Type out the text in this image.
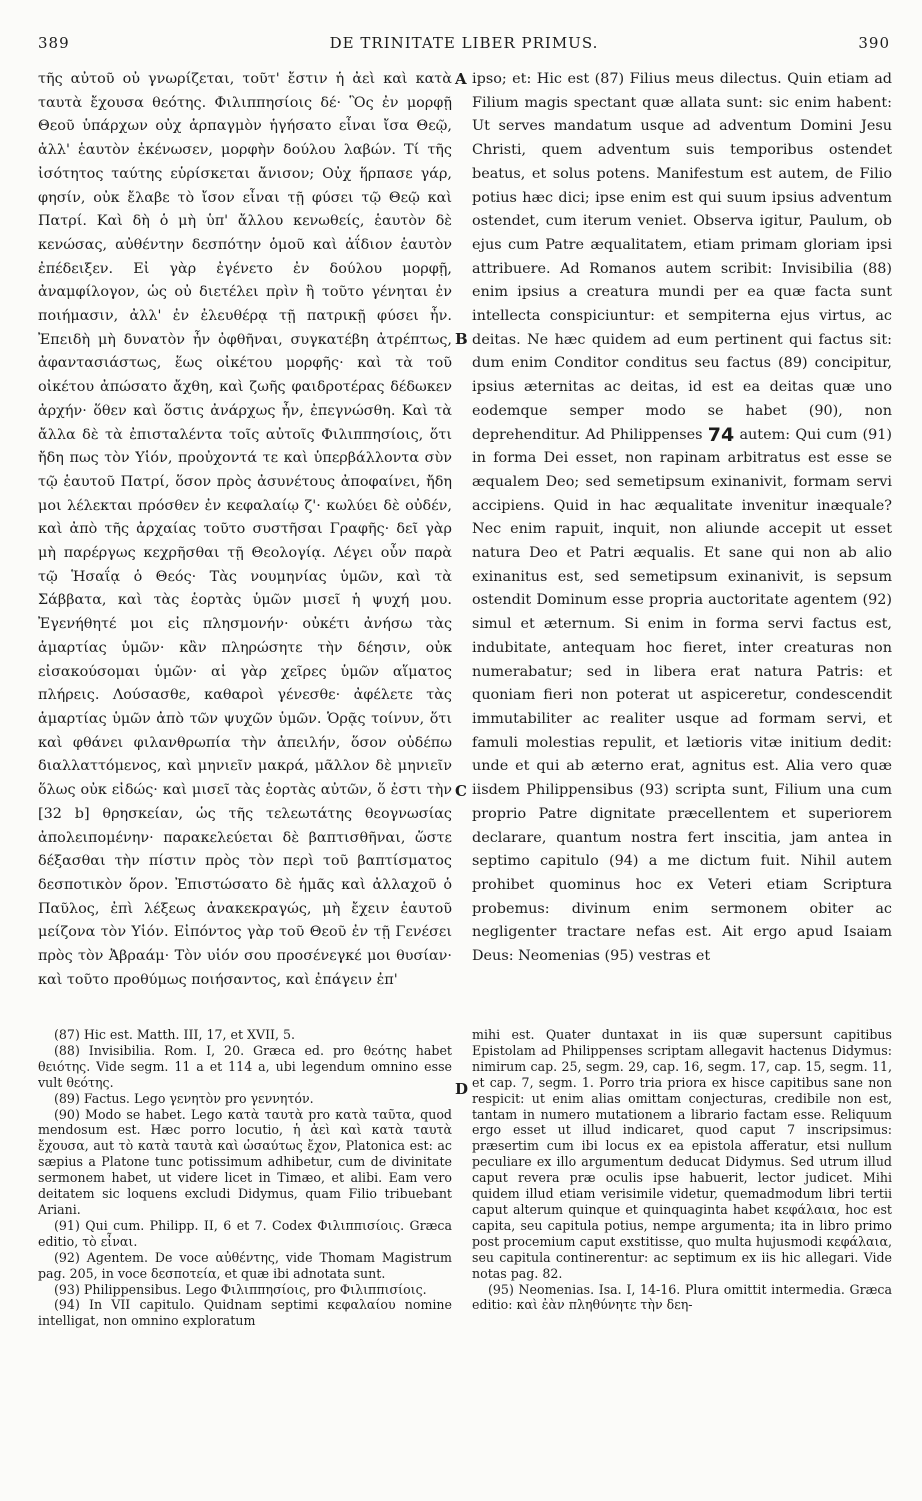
389	DE TRINITATE LIBER PRIMUS.	390

τῆς αὐτοῦ οὐ γνωρίζεται, τοῦτ' ἔστιν ἡ ἀεὶ καὶ κατὰ ταυτὰ ἔχουσα θεότης. Φιλιππησίοις δέ· Ὃς ἐν μορφῇ Θεοῦ ὑπάρχων οὐχ ἁρπαγμὸν ἡγήσατο εἶναι ἴσα Θεῷ, ἀλλ' ἑαυτὸν ἐκένωσεν, μορφὴν δούλου λαβών. Τί τῆς ἰσότητος ταύτης εὑρίσκεται ἄνισον; Οὐχ ἥρπασε γάρ, φησίν, οὐκ ἔλαβε τὸ ἴσον εἶναι τῇ φύσει τῷ Θεῷ καὶ Πατρί. Καὶ δὴ ὁ μὴ ὑπ' ἄλλου κενωθείς, ἑαυτὸν δὲ κενώσας, αὐθέντην δεσπότην ὁμοῦ καὶ ἀΐδιον ἑαυτὸν ἐπέδειξεν. Εἰ γὰρ ἐγένετο ἐν δούλου μορφῇ, ἀναμφίλογον, ὡς οὐ διετέλει πρὶν ἢ τοῦτο γένηται ἐν ποιήμασιν, ἀλλ' ἐν ἐλευθέρᾳ τῇ πατρικῇ φύσει ἦν. Ἐπειδὴ μὴ δυνατὸν ἦν ὀφθῆναι, συγκατέβη ἀτρέπτως, ἀφαντασιάστως, ἕως οἰκέτου μορφῆς· καὶ τὰ τοῦ οἰκέτου ἀπώσατο ἄχθη, καὶ ζωῆς φαιδροτέρας δέδωκεν ἀρχήν· ὅθεν καὶ ὅστις ἀνάρχως ἦν, ἐπεγνώσθη. Καὶ τὰ ἄλλα δὲ τὰ ἐπισταλέντα τοῖς αὐτοῖς Φιλιππησίοις, ὅτι ἤδη πως τὸν Υἱόν, προὐχοντά τε καὶ ὑπερβάλλοντα σὺν τῷ ἑαυτοῦ Πατρί, ὅσον πρὸς ἀσυνέτους ἀποφαίνει, ἤδη μοι λέλεκται πρόσθεν ἐν κεφαλαίῳ ζ'· κωλύει δὲ οὐδέν, καὶ ἀπὸ τῆς ἀρχαίας τοῦτο συστῆσαι Γραφῆς· δεῖ γὰρ μὴ παρέργως κεχρῆσθαι τῇ Θεολογίᾳ. Λέγει οὖν παρὰ τῷ Ἡσαΐᾳ ὁ Θεός· Τὰς νουμηνίας ὑμῶν, καὶ τὰ Σάββατα, καὶ τὰς ἑορτὰς ὑμῶν μισεῖ ἡ ψυχή μου. Ἐγενήθητέ μοι εἰς πλησμονήν· οὐκέτι ἀνήσω τὰς ἁμαρτίας ὑμῶν· κἂν πληρώσητε τὴν δέησιν, οὐκ εἰσακούσομαι ὑμῶν· αἱ γὰρ χεῖρες ὑμῶν αἵματος πλήρεις. Λούσασθε, καθαροὶ γένεσθε· ἀφέλετε τὰς ἁμαρτίας ὑμῶν ἀπὸ τῶν ψυχῶν ὑμῶν. Ὁρᾷς τοίνυν, ὅτι καὶ φθάνει φιλανθρωπία τὴν ἀπειλήν, ὅσον οὐδέπω διαλλαττόμενος, καὶ μηνιεῖν μακρά, μᾶλλον δὲ μηνιεῖν ὅλως οὐκ εἰδώς· καὶ μισεῖ τὰς ἑορτὰς αὐτῶν, ὅ ἐστι τὴν [32 b] θρησκείαν, ὡς τῆς τελεωτάτης θεογνωσίας ἀπολειπομένην· παρακελεύεται δὲ βαπτισθῆναι, ὥστε δέξασθαι τὴν πίστιν πρὸς τὸν περὶ τοῦ βαπτίσματος δεσποτικὸν ὅρον. Ἐπιστώσατο δὲ ἡμᾶς καὶ ἀλλαχοῦ ὁ Παῦλος, ἐπὶ λέξεως ἀνακεκραγώς, μὴ ἔχειν ἑαυτοῦ μείζονα τὸν Υἱόν. Εἰπόντος γὰρ τοῦ Θεοῦ ἐν τῇ Γενέσει πρὸς τὸν Ἀβραάμ· Τὸν υἱόν σου προσένεγκέ μοι θυσίαν· καὶ τοῦτο προθύμως ποιήσαντος, καὶ ἐπάγειν ἐπ'

A
B
C
D

ipso; et: Hic est (87) Filius meus dilectus. Quin etiam ad Filium magis spectant quæ allata sunt: sic enim habent: Ut serves mandatum usque ad adventum Domini Jesu Christi, quem adventum suis temporibus ostendet beatus, et solus potens. Manifestum est autem, de Filio potius hæc dici; ipse enim est qui suum ipsius adventum ostendet, cum iterum veniet. Observa igitur, Paulum, ob ejus cum Patre æqualitatem, etiam primam gloriam ipsi attribuere. Ad Romanos autem scribit: Invisibilia (88) enim ipsius a creatura mundi per ea quæ facta sunt intellecta conspiciuntur: et sempiterna ejus virtus, ac deitas. Ne hæc quidem ad eum pertinent qui factus sit: dum enim Conditor conditus seu factus (89) concipitur, ipsius æternitas ac deitas, id est ea deitas quæ uno eodemque semper modo se habet (90), non deprehenditur. Ad Philippenses 74 autem: Qui cum (91) in forma Dei esset, non rapinam arbitratus est esse se æqualem Deo; sed semetipsum exinanivit, formam servi accipiens. Quid in hac æqualitate invenitur inæquale? Nec enim rapuit, inquit, non aliunde accepit ut esset natura Deo et Patri æqualis. Et sane qui non ab alio exinanitus est, sed semetipsum exinanivit, is sepsum ostendit Dominum esse propria auctoritate agentem (92) simul et æternum. Si enim in forma servi factus est, indubitate, antequam hoc fieret, inter creaturas non numerabatur; sed in libera erat natura Patris: et quoniam fieri non poterat ut aspiceretur, condescendit immutabiliter ac realiter usque ad formam servi, et famuli molestias repulit, et lætioris vitæ initium dedit: unde et qui ab æterno erat, agnitus est. Alia vero quæ iisdem Philippensibus (93) scripta sunt, Filium una cum proprio Patre dignitate præcellentem et superiorem declarare, quantum nostra fert inscitia, jam antea in septimo capitulo (94) a me dictum fuit. Nihil autem prohibet quominus hoc ex Veteri etiam Scriptura probemus: divinum enim sermonem obiter ac negligenter tractare nefas est. Ait ergo apud Isaiam Deus: Neomenias (95) vestras et

(87) Hic est. Matth. III, 17, et XVII, 5.

(88) Invisibilia. Rom. I, 20. Græca ed. pro θεότης habet θειότης. Vide segm. 11 a et 114 a, ubi legendum omnino esse vult θεότης.

(89) Factus. Lego γενητὸν pro γεννητόν.

(90) Modo se habet. Lego κατὰ ταυτὰ pro κατὰ ταῦτα, quod mendosum est. Hæc porro locutio, ἡ ἀεὶ καὶ κατὰ ταυτὰ ἔχουσα, aut τὸ κατὰ ταυτὰ καὶ ὡσαύτως ἔχον, Platonica est: ac sæpius a Platone tunc potissimum adhibetur, cum de divinitate sermonem habet, ut videre licet in Timæo, et alibi. Eam vero deitatem sic loquens excludi Didymus, quam Filio tribuebant Ariani.

(91) Qui cum. Philipp. II, 6 et 7. Codex Φιλιππισίοις. Græca editio, τὸ εἶναι.

(92) Agentem. De voce αὐθέντης, vide Thomam Magistrum pag. 205, in voce δεσποτεία, et quæ ibi adnotata sunt.

(93) Philippensibus. Lego Φιλιππησίοις, pro Φιλιππισίοις.

(94) In VII capitulo. Quidnam septimi κεφαλαίου nomine intelligat, non omnino exploratum

mihi est. Quater duntaxat in iis quæ supersunt capitibus Epistolam ad Philippenses scriptam allegavit hactenus Didymus: nimirum cap. 25, segm. 29, cap. 16, segm. 17, cap. 15, segm. 11, et cap. 7, segm. 1. Porro tria priora ex hisce capitibus sane non respicit: ut enim alias omittam conjecturas, credibile non est, tantam in numero mutationem a librario factam esse. Reliquum ergo esset ut illud indicaret, quod caput 7 inscripsimus: præsertim cum ibi locus ex ea epistola afferatur, etsi nullum peculiare ex illo argumentum deducat Didymus. Sed utrum illud caput revera præ oculis ipse habuerit, lector judicet. Mihi quidem illud etiam verisimile videtur, quemadmodum libri tertii caput alterum quinque et quinquaginta habet κεφάλαια, hoc est capita, seu capitula potius, nempe argumenta; ita in libro primo post procemium caput exstitisse, quo multa hujusmodi κεφάλαια, seu capitula continerentur: ac septimum ex iis hic allegari. Vide notas pag. 82.

(95) Neomenias. Isa. I, 14-16. Plura omittit intermedia. Græca editio: καὶ ἐὰν πληθύνητε τὴν δεη-
